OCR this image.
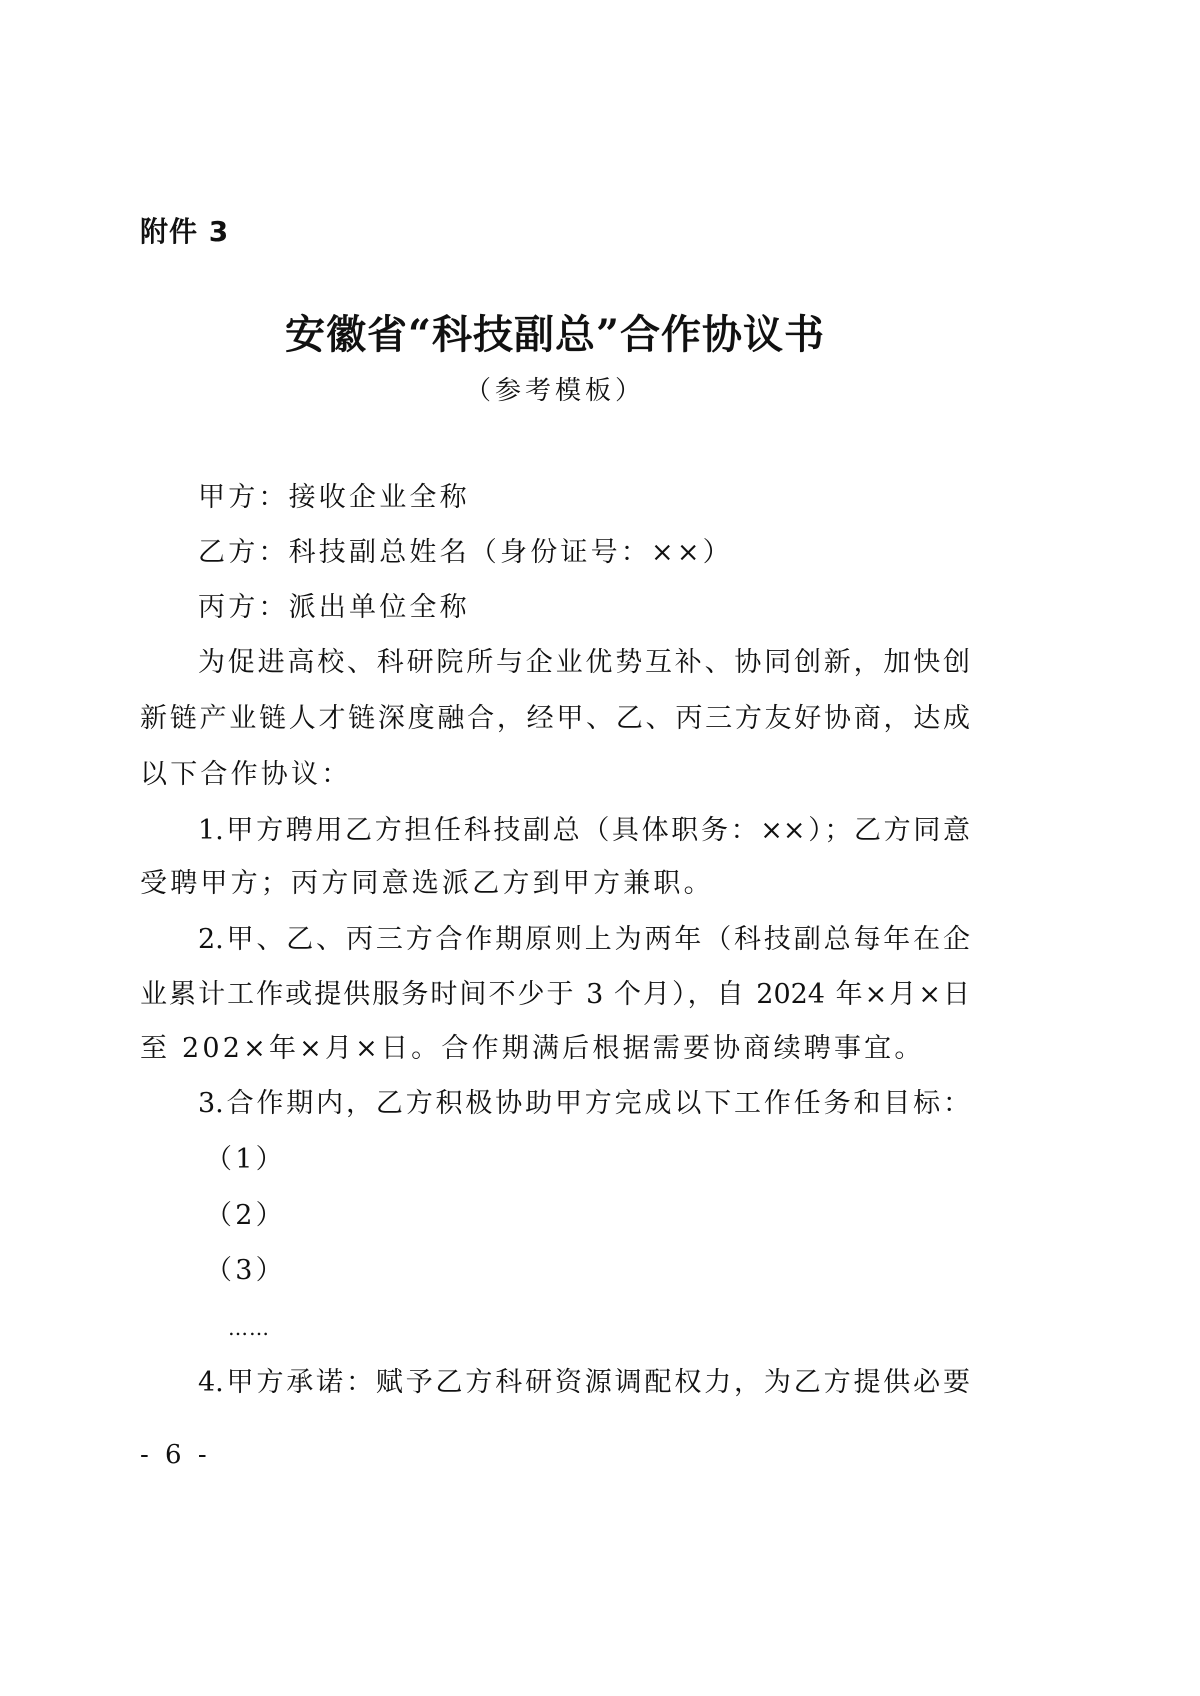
附件 3
安徽省“科技副总”合作协议书
（参考模板）
甲方：接收企业全称
乙方：科技副总姓名（身份证号：××）
丙方：派出单位全称
为促进高校、科研院所与企业优势互补、协同创新，加快创
新链产业链人才链深度融合，经甲、乙、丙三方友好协商，达成
以下合作协议：
1.甲方聘用乙方担任科技副总（具体职务：××）；乙方同意
受聘甲方；丙方同意选派乙方到甲方兼职。
2.甲、乙、丙三方合作期原则上为两年（科技副总每年在企
业累计工作或提供服务时间不少于 3 个月），自 2024 年×月×日
至 202×年×月×日。合作期满后根据需要协商续聘事宜。
3.合作期内，乙方积极协助甲方完成以下工作任务和目标：
（1）
（2）
（3）
……
4.甲方承诺：赋予乙方科研资源调配权力，为乙方提供必要
- 6 -
